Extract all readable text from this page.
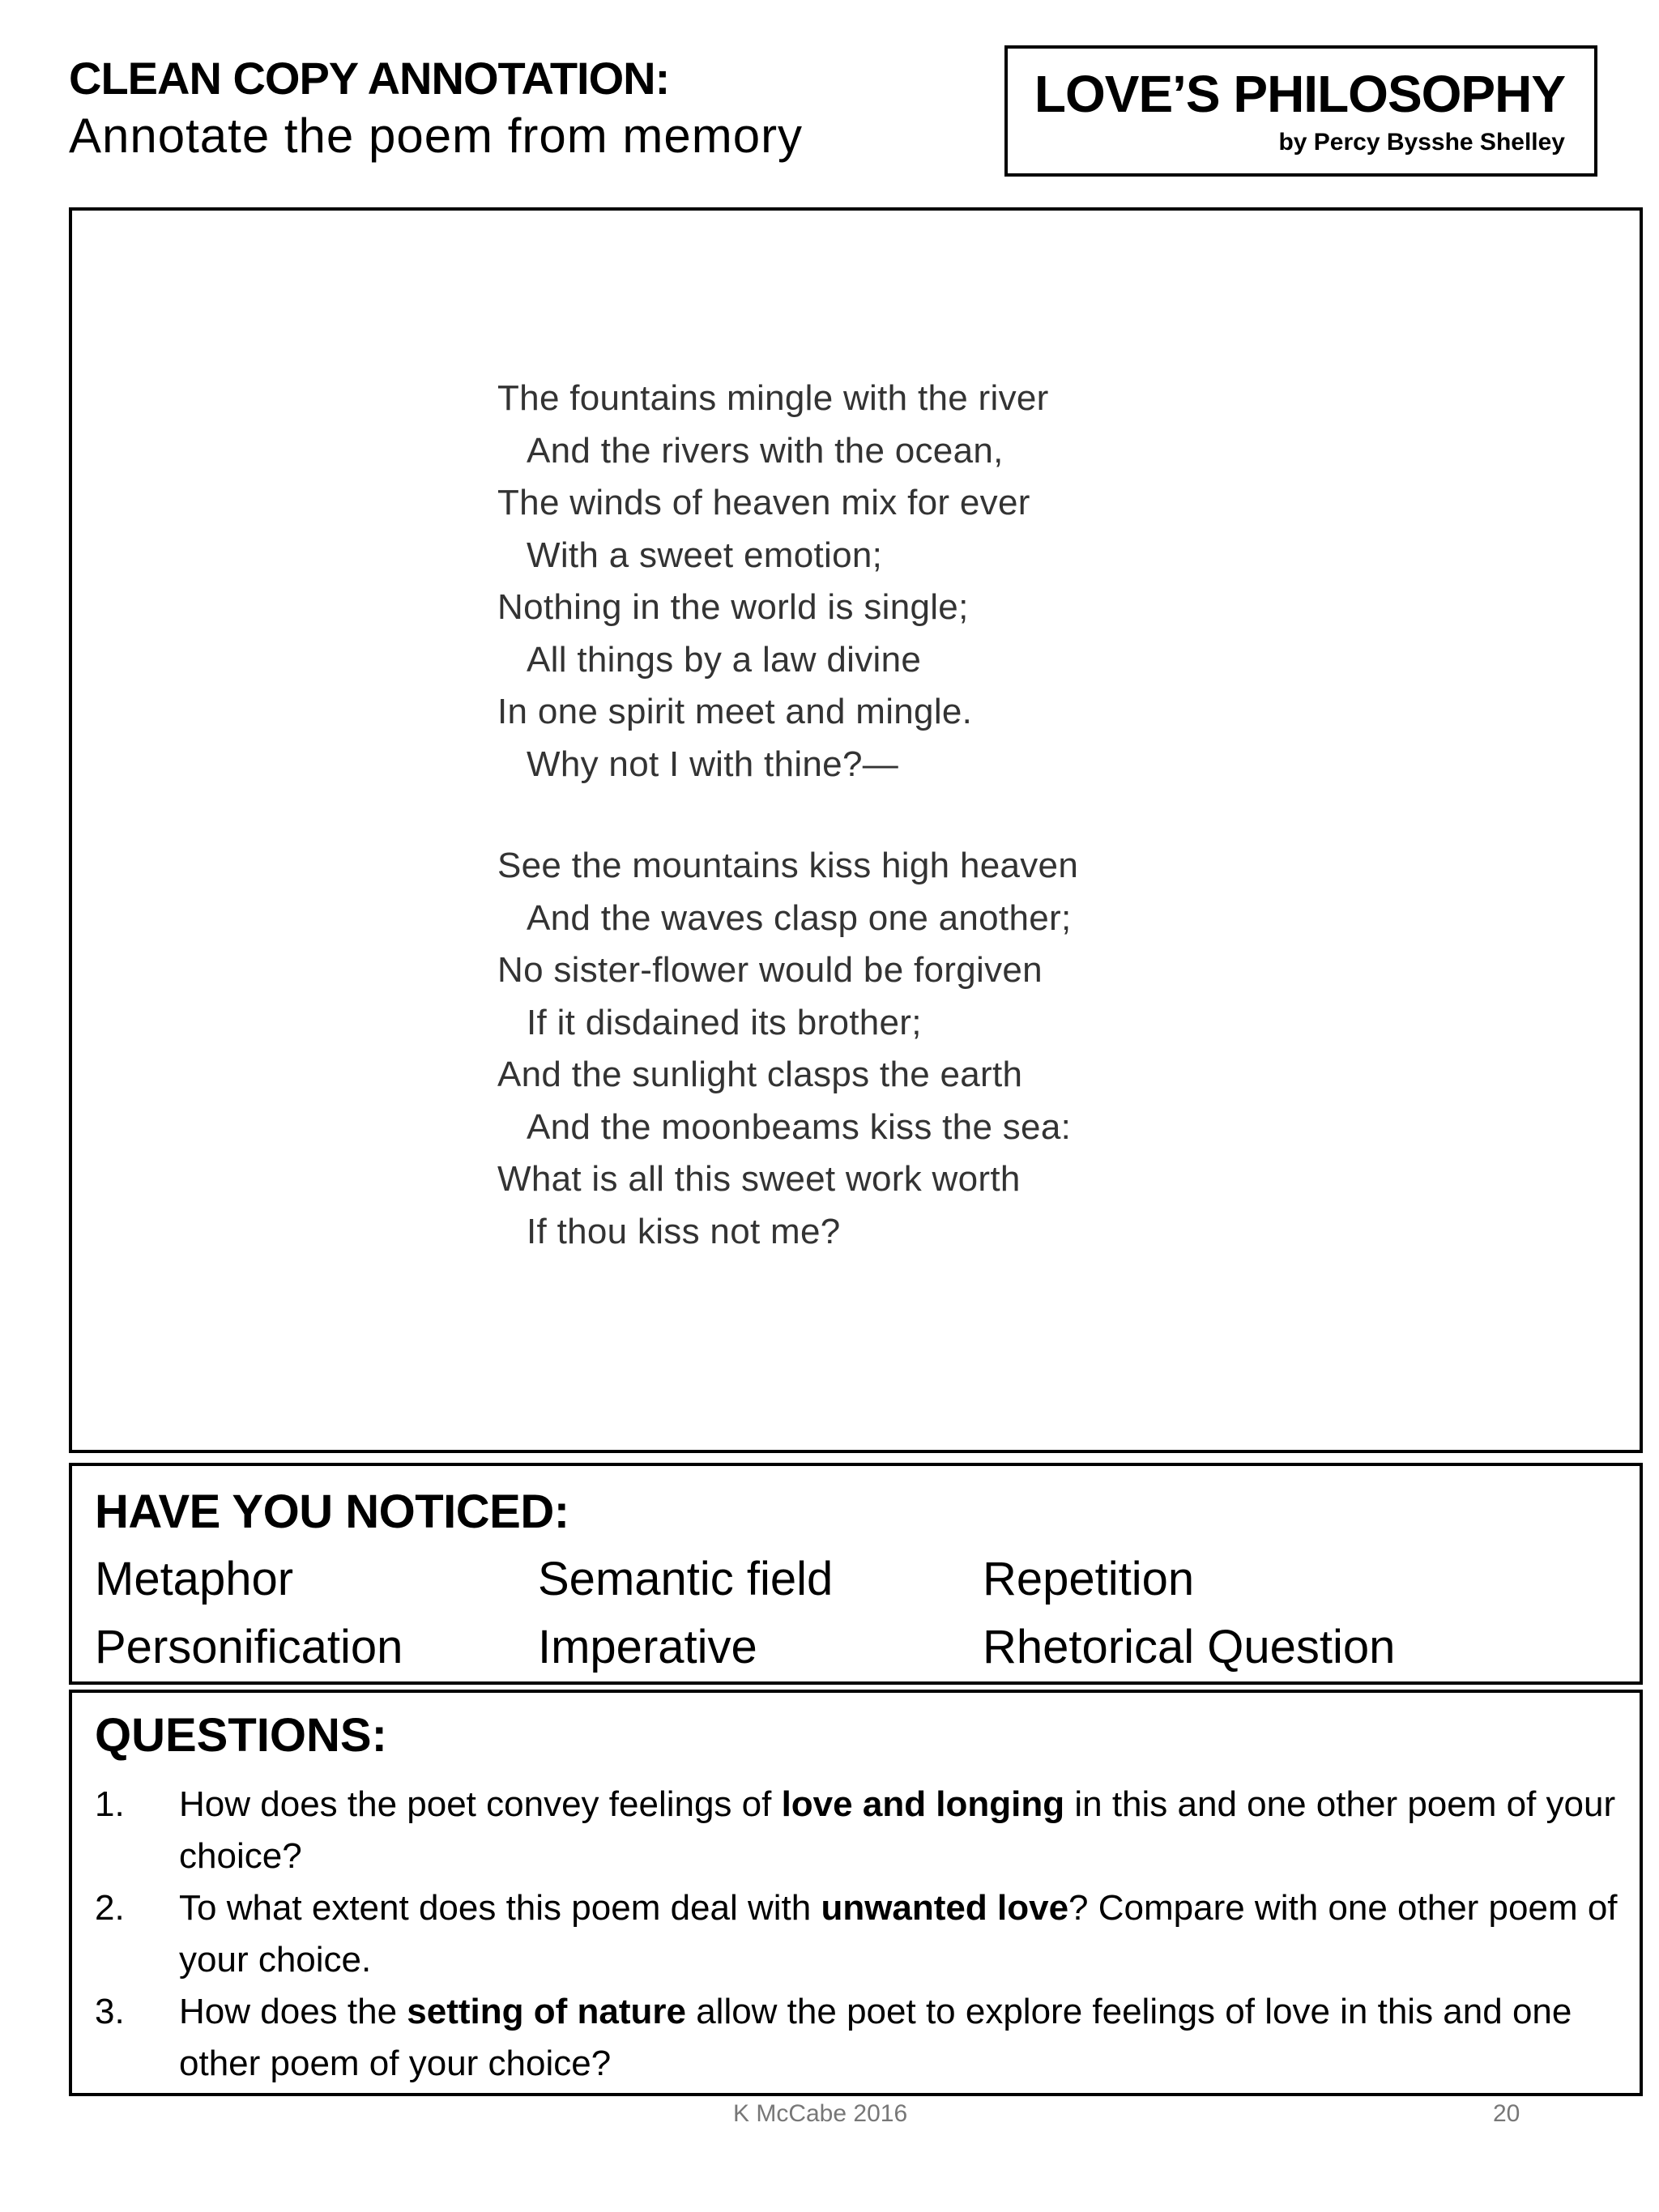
CLEAN COPY ANNOTATION:
Annotate the poem from memory
LOVE’S PHILOSOPHY
by Percy Bysshe Shelley
The fountains mingle with the river
And the rivers with the ocean,
The winds of heaven mix for ever
With a sweet emotion;
Nothing in the world is single;
All things by a law divine
In one spirit meet and mingle.
Why not I with thine?—
See the mountains kiss high heaven
And the waves clasp one another;
No sister-flower would be forgiven
If it disdained its brother;
And the sunlight clasps the earth
And the moonbeams kiss the sea:
What is all this sweet work worth
If thou kiss not me?
HAVE YOU NOTICED:
Metaphor	Semantic field	Repetition
Personification	Imperative	Rhetorical Question
QUESTIONS:
1.	How does the poet convey feelings of love and longing in this and one other poem of your choice?
2.	To what extent does this poem deal with unwanted love? Compare with one other poem of your choice.
3.	How does the setting of nature allow the poet to explore feelings of love in this and one other poem of your choice?
K McCabe 2016	20
